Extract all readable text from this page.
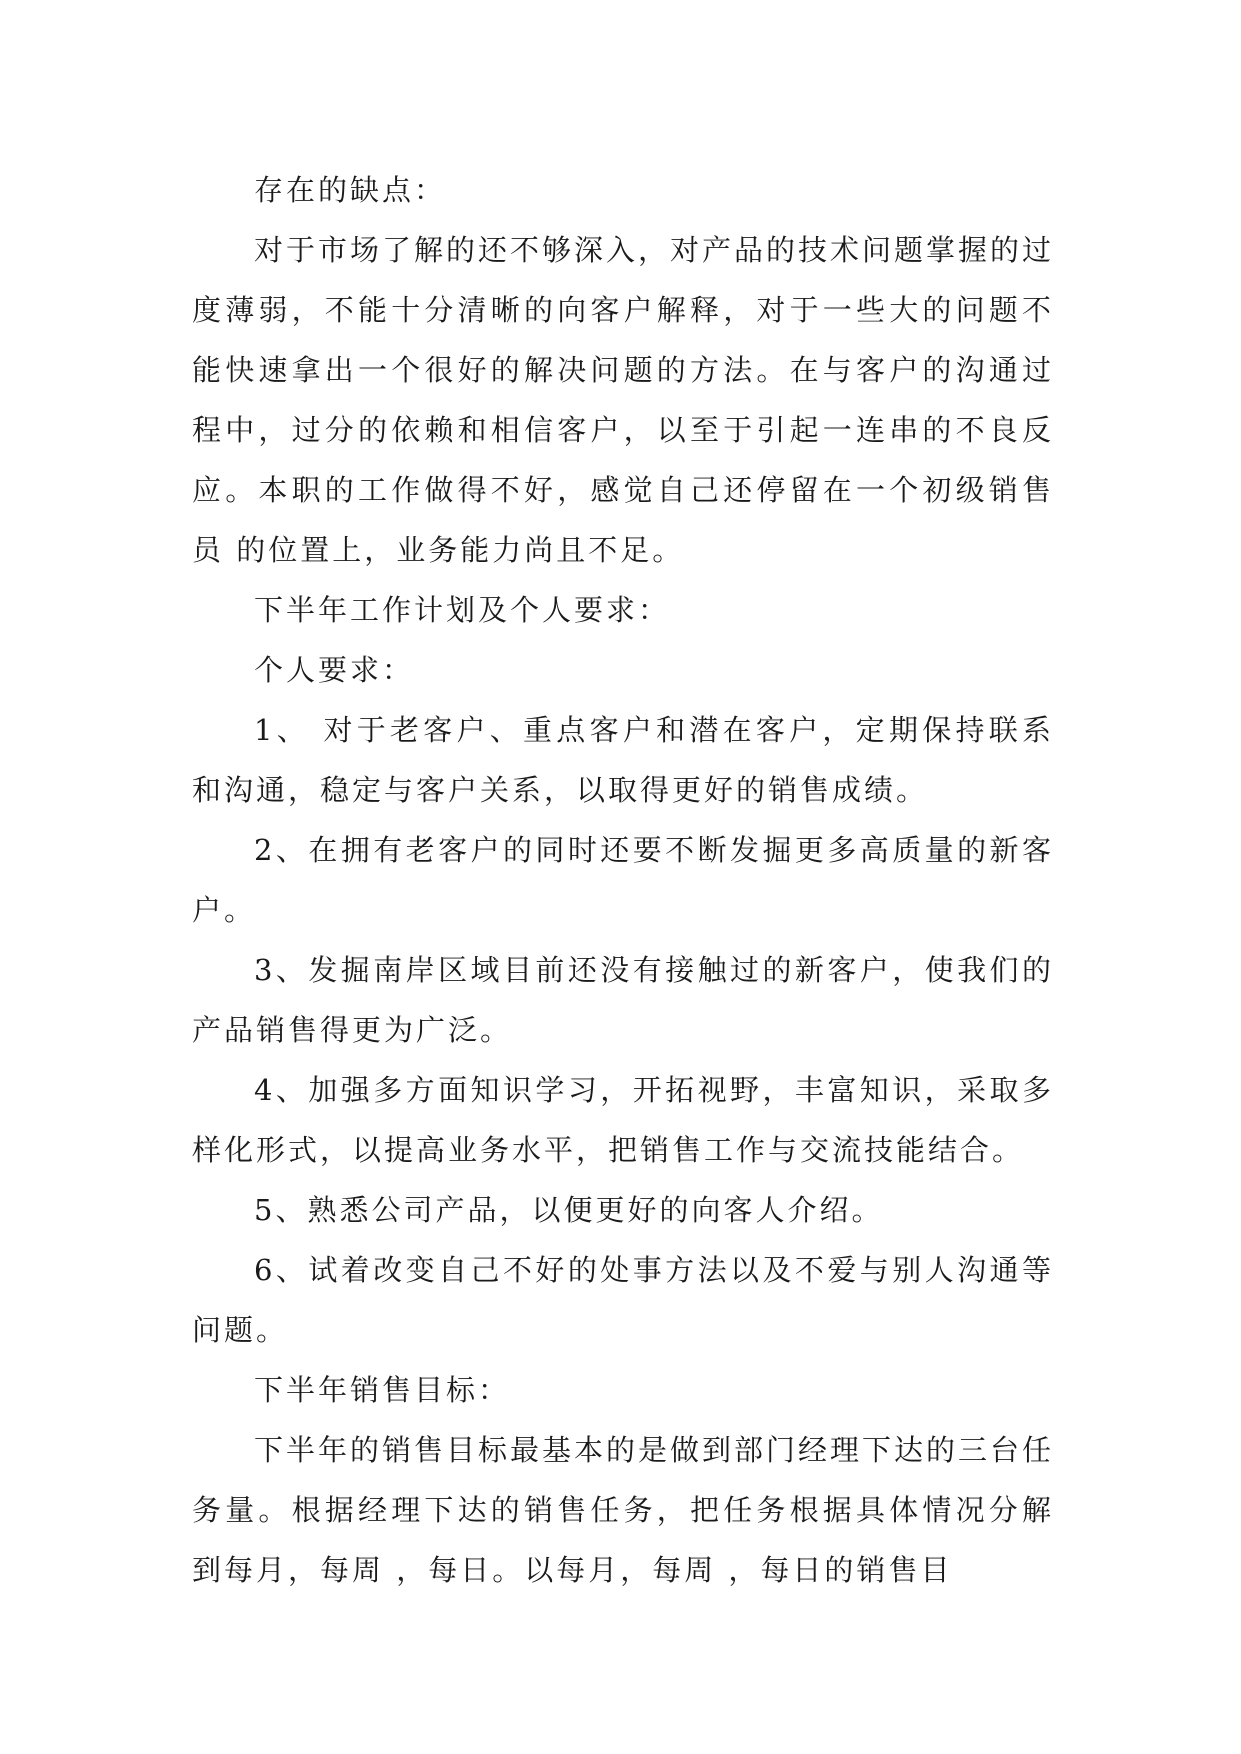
存在的缺点：

对于市场了解的还不够深入，对产品的技术问题掌握的过度薄弱，不能十分清晰的向客户解释，对于一些大的问题不能快速拿出一个很好的解决问题的方法。在与客户的沟通过程中，过分的依赖和相信客户，以至于引起一连串的不良反应。本职的工作做得不好，感觉自己还停留在一个初级销售员 的位置上，业务能力尚且不足。

下半年工作计划及个人要求：

个人要求：

1、 对于老客户、重点客户和潜在客户，定期保持联系和沟通，稳定与客户关系，以取得更好的销售成绩。

2、在拥有老客户的同时还要不断发掘更多高质量的新客户。

3、发掘南岸区域目前还没有接触过的新客户，使我们的产品销售得更为广泛。

4、加强多方面知识学习，开拓视野，丰富知识，采取多样化形式，以提高业务水平，把销售工作与交流技能结合。

5、熟悉公司产品，以便更好的向客人介绍。

6、试着改变自己不好的处事方法以及不爱与别人沟通等问题。

下半年销售目标：

下半年的销售目标最基本的是做到部门经理下达的三台任务量。根据经理下达的销售任务，把任务根据具体情况分解到每月，每周 ，每日。以每月，每周 ，每日的销售目
